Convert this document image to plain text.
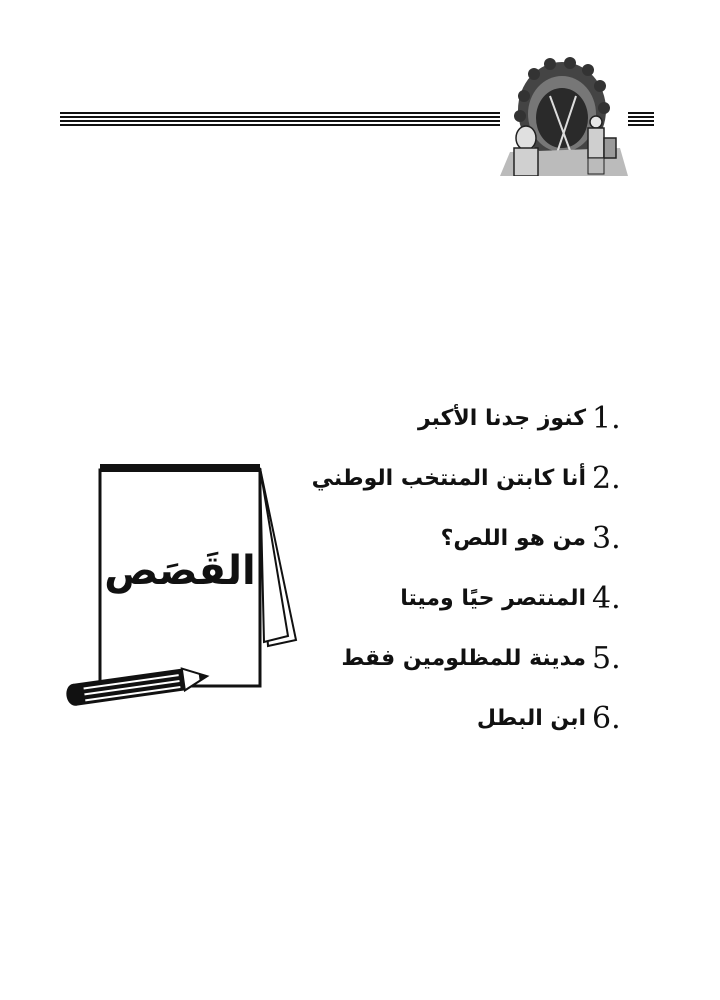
1.
كنوز جدنا الأكبر
2.
أنا كابتن المنتخب الوطني
3.
من هو اللص؟
4.
المنتصر حيًا وميتا
5.
مدينة للمظلومين فقط
6.
ابن البطل
القَصَص
